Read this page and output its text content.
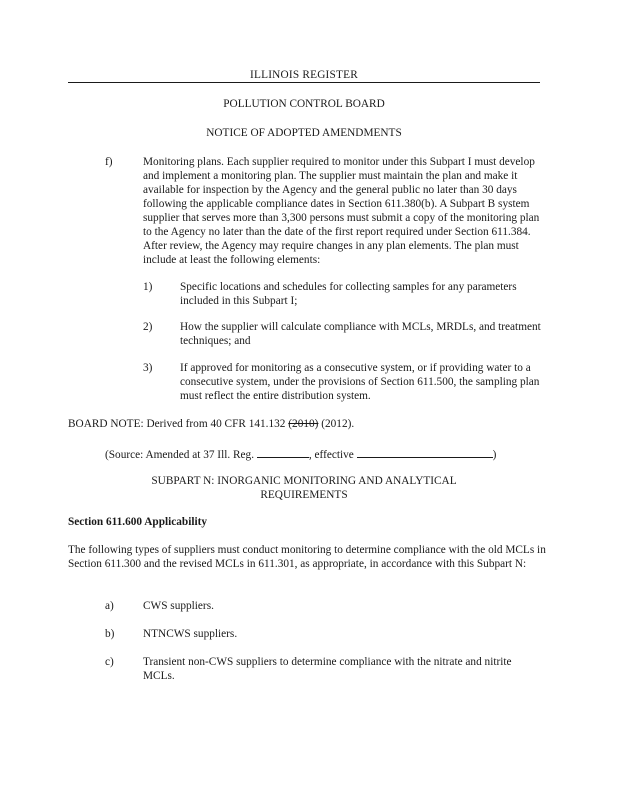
ILLINOIS REGISTER
POLLUTION CONTROL BOARD
NOTICE OF ADOPTED AMENDMENTS
f)	Monitoring plans. Each supplier required to monitor under this Subpart I must develop and implement a monitoring plan. The supplier must maintain the plan and make it available for inspection by the Agency and the general public no later than 30 days following the applicable compliance dates in Section 611.380(b). A Subpart B system supplier that serves more than 3,300 persons must submit a copy of the monitoring plan to the Agency no later than the date of the first report required under Section 611.384. After review, the Agency may require changes in any plan elements. The plan must include at least the following elements:
1)	Specific locations and schedules for collecting samples for any parameters included in this Subpart I;
2)	How the supplier will calculate compliance with MCLs, MRDLs, and treatment techniques; and
3)	If approved for monitoring as a consecutive system, or if providing water to a consecutive system, under the provisions of Section 611.500, the sampling plan must reflect the entire distribution system.
BOARD NOTE: Derived from 40 CFR 141.132 (2010) (2012).
(Source: Amended at 37 Ill. Reg.	, effective	)
SUBPART N: INORGANIC MONITORING AND ANALYTICAL
REQUIREMENTS
Section 611.600 Applicability
The following types of suppliers must conduct monitoring to determine compliance with the old MCLs in Section 611.300 and the revised MCLs in 611.301, as appropriate, in accordance with this Subpart N:
a)	CWS suppliers.
b)	NTNCWS suppliers.
c)	Transient non-CWS suppliers to determine compliance with the nitrate and nitrite MCLs.
